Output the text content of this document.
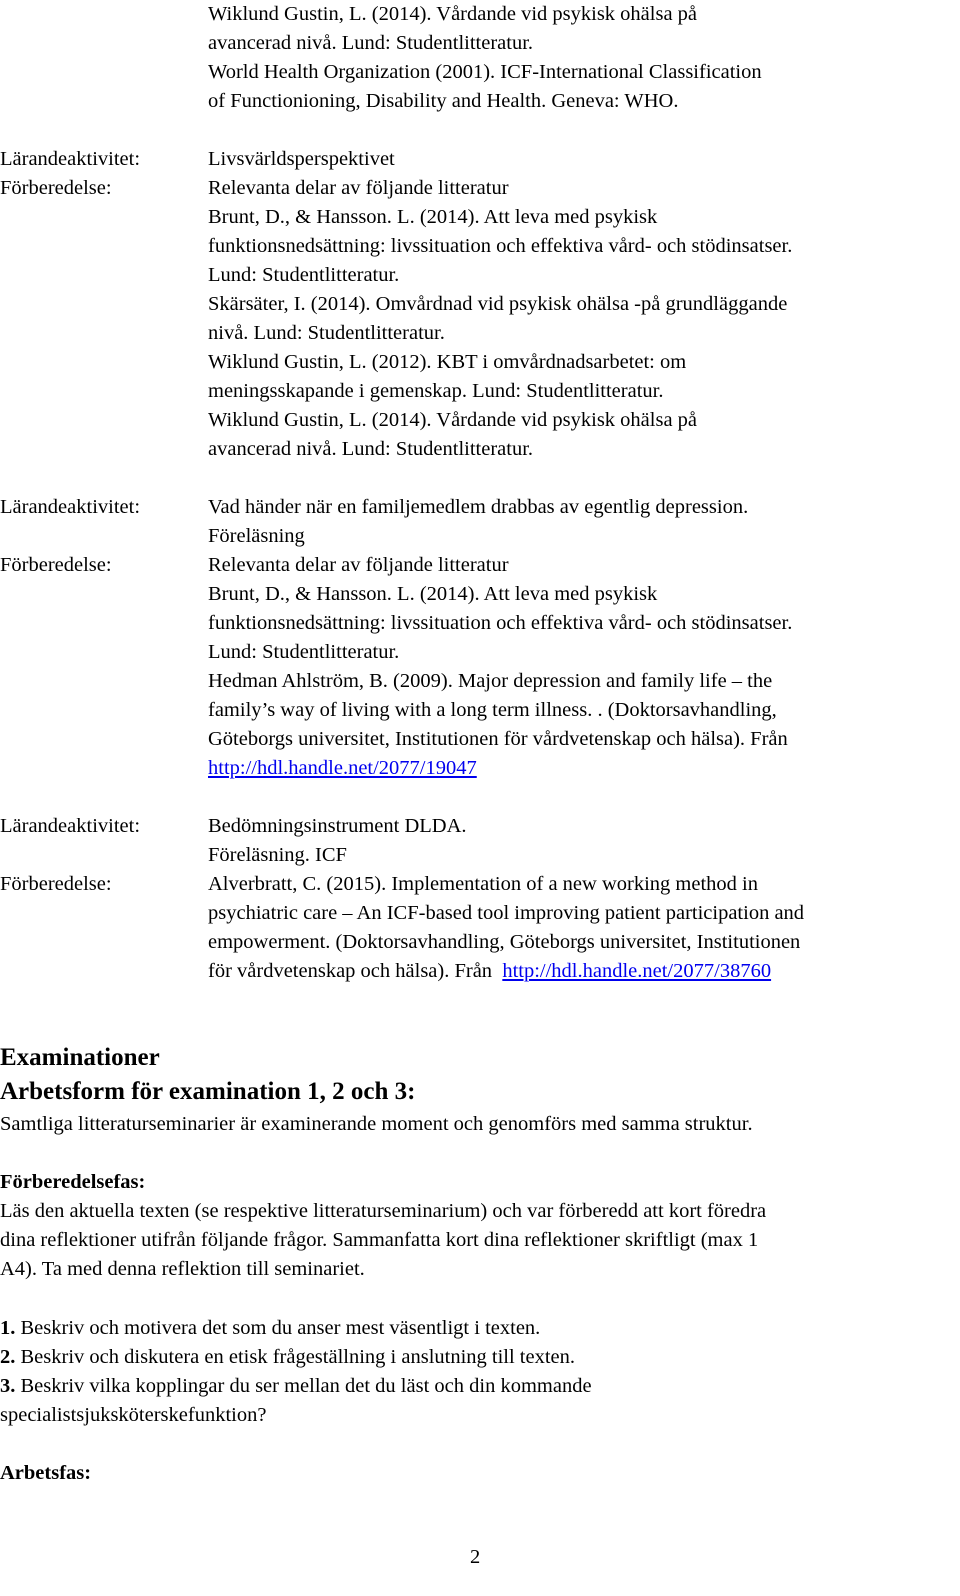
Wiklund Gustin, L. (2014). Vårdande vid psykisk ohälsa på
avancerad nivå. Lund: Studentlitteratur.
World Health Organization (2001). ICF-International Classification
of Functionioning, Disability and Health. Geneva: WHO.
Lärandeaktivitet:
Förberedelse:
Livsvärldsperspektivet
Relevanta delar av följande litteratur
Brunt, D., & Hansson. L. (2014). Att leva med psykisk
funktionsnedsättning: livssituation och effektiva vård- och stödinsatser.
Lund: Studentlitteratur.
Skärsäter, I. (2014). Omvårdnad vid psykisk ohälsa -på grundläggande
nivå. Lund: Studentlitteratur.
Wiklund Gustin, L. (2012). KBT i omvårdnadsarbetet: om
meningsskapande i gemenskap. Lund: Studentlitteratur.
Wiklund Gustin, L. (2014). Vårdande vid psykisk ohälsa på
avancerad nivå. Lund: Studentlitteratur.
Lärandeaktivitet:
Förberedelse:
Vad händer när en familjemedlem drabbas av egentlig depression.
Föreläsning
Relevanta delar av följande litteratur
Brunt, D., & Hansson. L. (2014). Att leva med psykisk
funktionsnedsättning: livssituation och effektiva vård- och stödinsatser.
Lund: Studentlitteratur.
Hedman Ahlström, B. (2009). Major depression and family life – the
family’s way of living with a long term illness. . (Doktorsavhandling,
Göteborgs universitet, Institutionen för vårdvetenskap och hälsa). Från
http://hdl.handle.net/2077/19047
Lärandeaktivitet:
Förberedelse:
Bedömningsinstrument DLDA.
Föreläsning. ICF
Alverbratt, C. (2015). Implementation of a new working method in
psychiatric care – An ICF-based tool improving patient participation and
empowerment. (Doktorsavhandling, Göteborgs universitet, Institutionen
för vårdvetenskap och hälsa). Från http://hdl.handle.net/2077/38760
Examinationer
Arbetsform för examination 1, 2 och 3:
Samtliga litteraturseminarier är examinerande moment och genomförs med samma struktur.
Förberedelsefas:
Läs den aktuella texten (se respektive litteraturseminarium) och var förberedd att kort föredra
dina reflektioner utifrån följande frågor. Sammanfatta kort dina reflektioner skriftligt (max 1
A4). Ta med denna reflektion till seminariet.
1. Beskriv och motivera det som du anser mest väsentligt i texten.
2. Beskriv och diskutera en etisk frågeställning i anslutning till texten.
3. Beskriv vilka kopplingar du ser mellan det du läst och din kommande
specialistsjuksköterskefunktion?
Arbetsfas:
2
